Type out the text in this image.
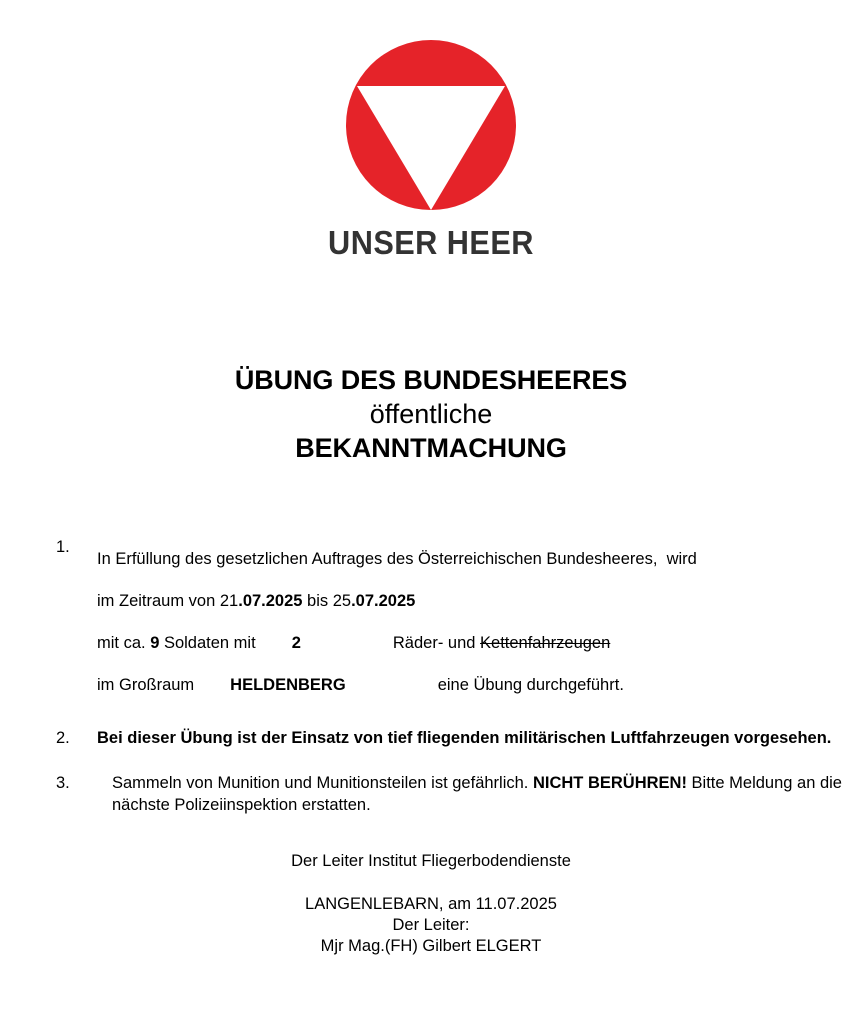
UNSER HEER
ÜBUNG DES BUNDESHEERES
öffentliche
BEKANNTMACHUNG
1.
In Erfüllung des gesetzlichen Auftrages des Österreichischen Bundesheeres,  wird
im Zeitraum von 21.07.2025 bis 25.07.2025
mit ca. 9 Soldaten mit 2	Räder- und Kettenfahrzeugen
im Großraum HELDENBERG	eine Übung durchgeführt.
2. Bei dieser Übung ist der Einsatz von tief fliegenden militärischen Luftfahrzeugen vorgesehen.
3.	Sammeln von Munition und Munitionsteilen ist gefährlich. NICHT BERÜHREN! Bitte Meldung an die nächste Polizeiinspektion erstatten.
Der Leiter Institut Fliegerbodendienste
LANGENLEBARN, am 11.07.2025
Der Leiter:
Mjr Mag.(FH) Gilbert ELGERT
